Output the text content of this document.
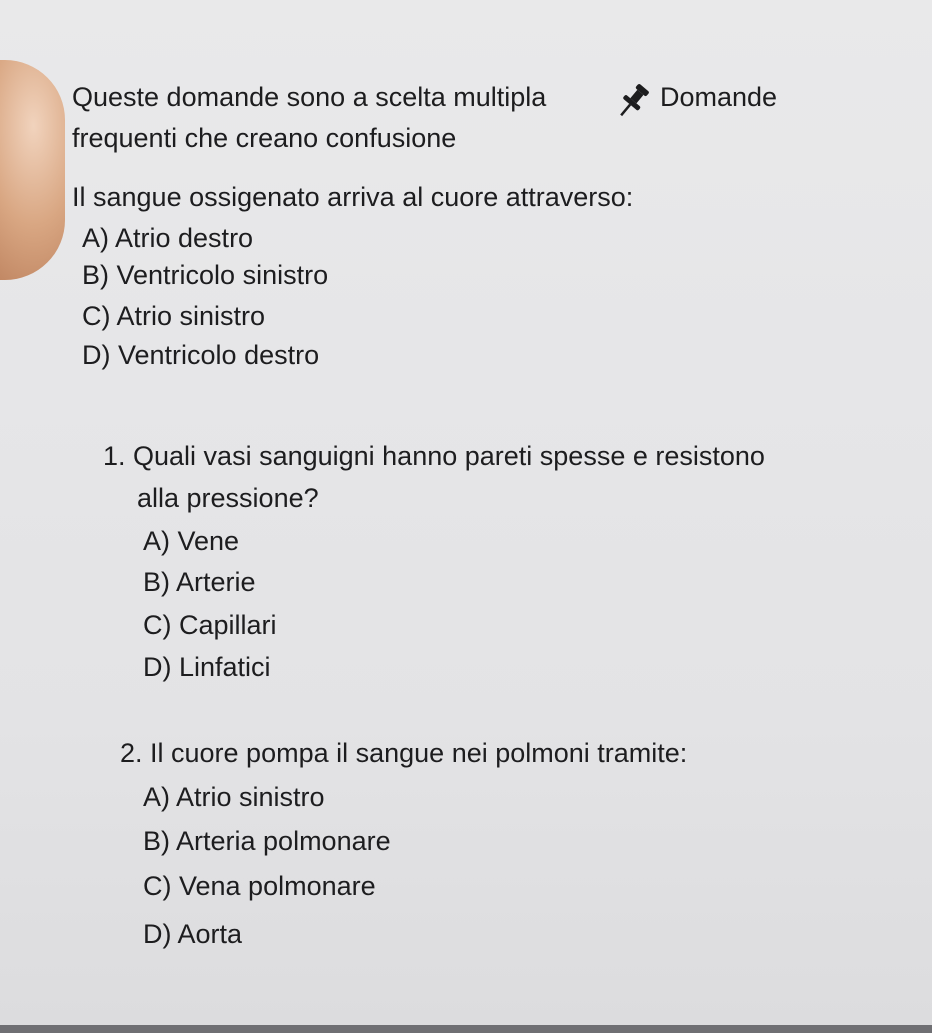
Queste domande sono a scelta multipla	Domande
frequenti che creano confusione
Il sangue ossigenato arriva al cuore attraverso:
A) Atrio destro
B) Ventricolo sinistro
C) Atrio sinistro
D) Ventricolo destro
1. Quali vasi sanguigni hanno pareti spesse e resistono
alla pressione?
A) Vene
B) Arterie
C) Capillari
D) Linfatici
2. Il cuore pompa il sangue nei polmoni tramite:
A) Atrio sinistro
B) Arteria polmonare
C) Vena polmonare
D) Aorta
